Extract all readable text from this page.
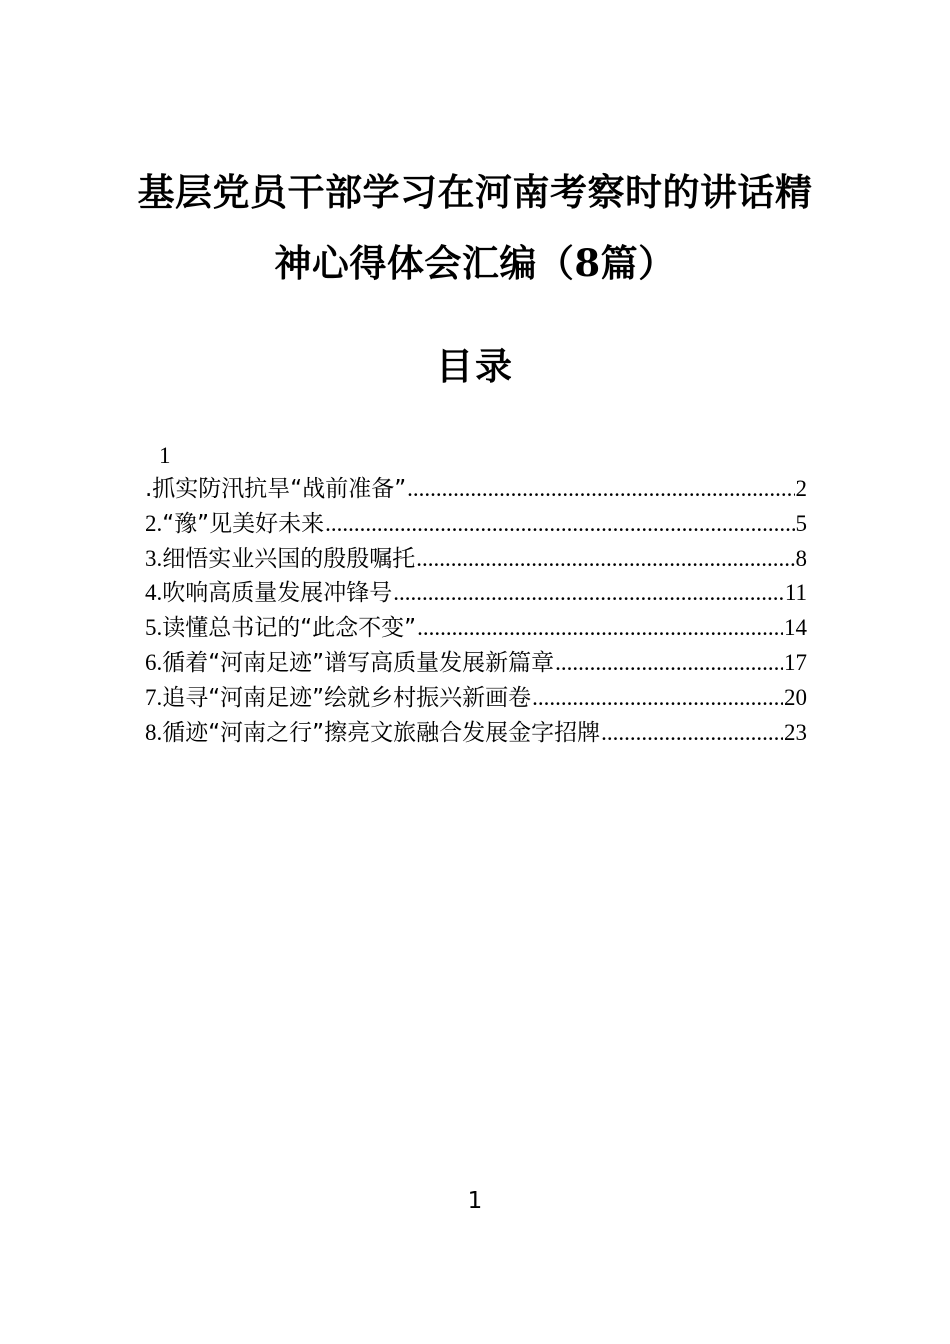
基层党员干部学习在河南考察时的讲话精
神心得体会汇编（8篇）
目录
1
.抓实防汛抗旱“战前准备” .....	2
2. “豫”见美好未来 .....	5
3. 细悟实业兴国的殷殷嘱托 .....	8
4. 吹响高质量发展冲锋号 .....	11
5. 读懂总书记的“此念不变” .....	14
6. 循着“河南足迹”谱写高质量发展新篇章 .....	17
7. 追寻“河南足迹”绘就乡村振兴新画卷 .....	20
8. 循迹“河南之行”擦亮文旅融合发展金字招牌 .....	23
1
